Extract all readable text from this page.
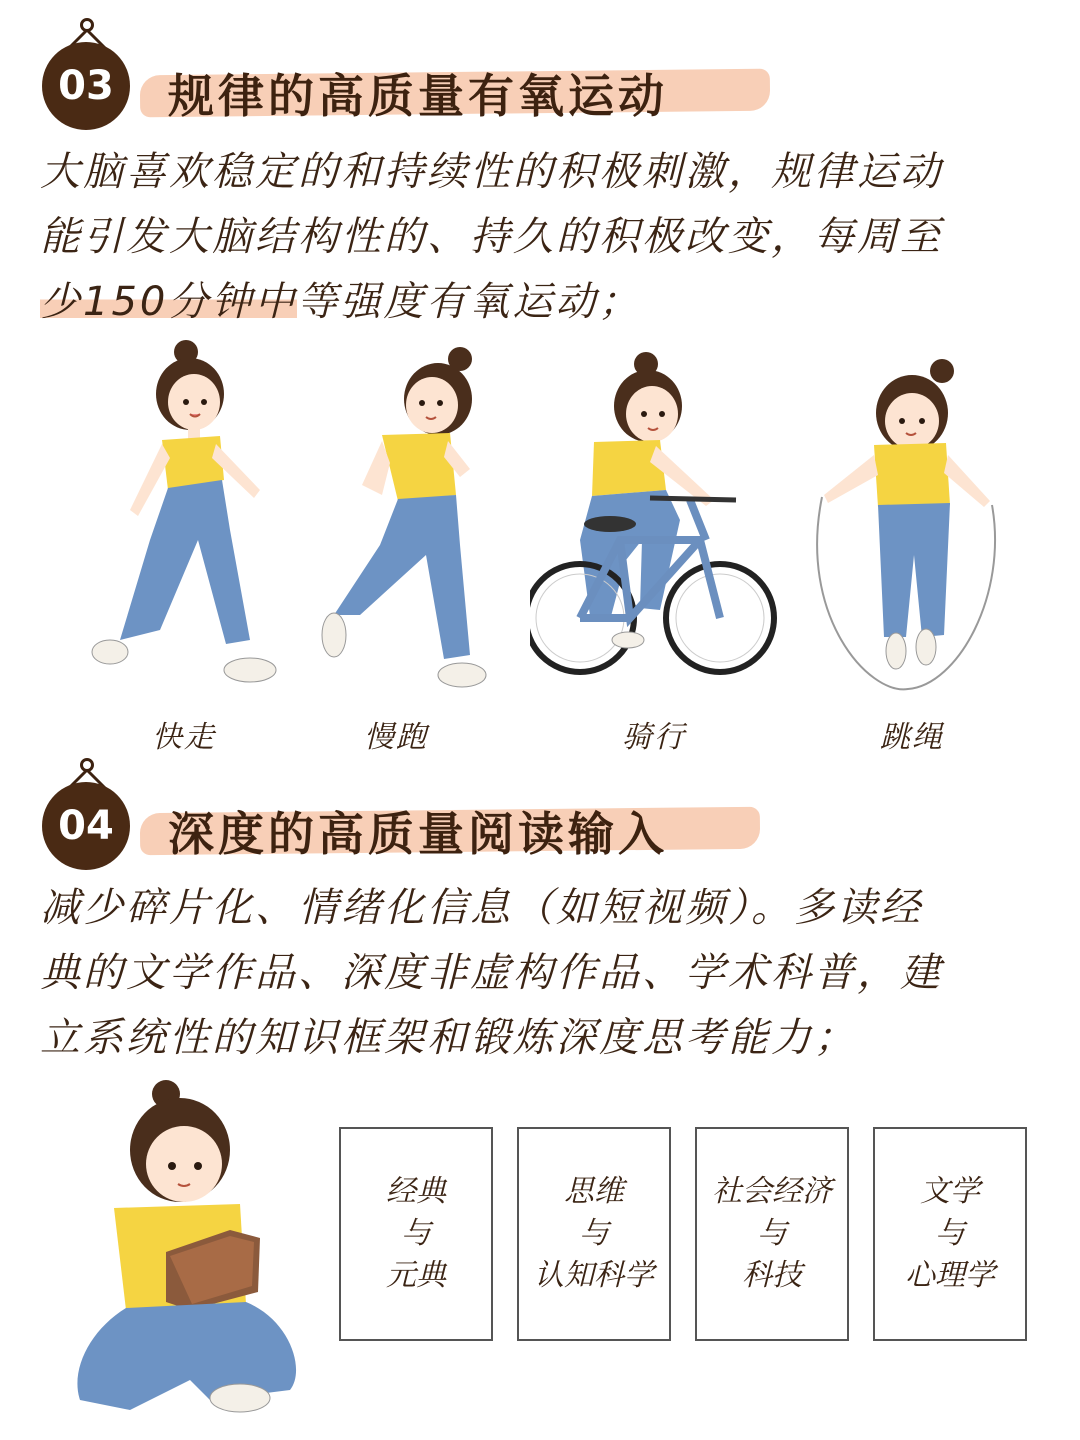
03	规律的高质量有氧运动
大脑喜欢稳定的和持续性的积极刺激，规律运动
能引发大脑结构性的、持久的积极改变，每周至
少150分钟中等强度有氧运动；
快走	慢跑	骑行	跳绳
04	深度的高质量阅读输入
减少碎片化、情绪化信息（如短视频）。多读经
典的文学作品、深度非虚构作品、学术科普，建
立系统性的知识框架和锻炼深度思考能力；
经典
与
元典
思维
与
认知科学
社会经济
与
科技
文学
与
心理学
